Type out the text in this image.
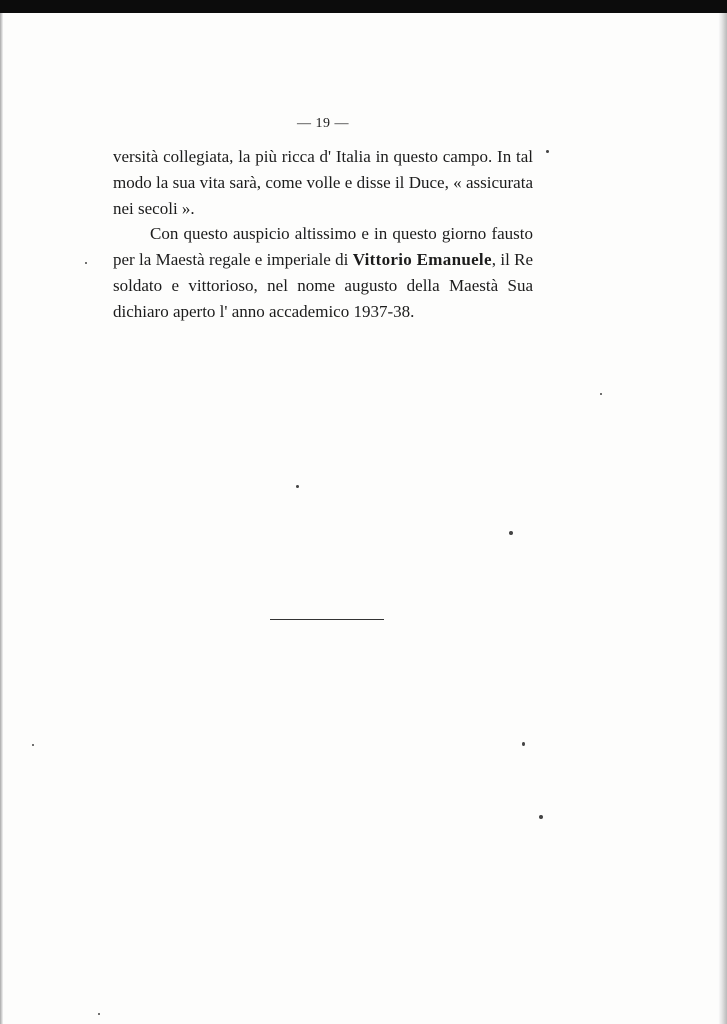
— 19 —

versità collegiata, la più ricca d' Italia in questo campo. In tal modo la sua vita sarà, come volle e disse il Duce, « assicurata nei secoli ».

Con questo auspicio altissimo e in questo giorno fausto per la Maestà regale e imperiale di Vittorio Emanuele, il Re soldato e vittorioso, nel nome augusto della Maestà Sua dichiaro aperto l' anno accademico 1937-38.
